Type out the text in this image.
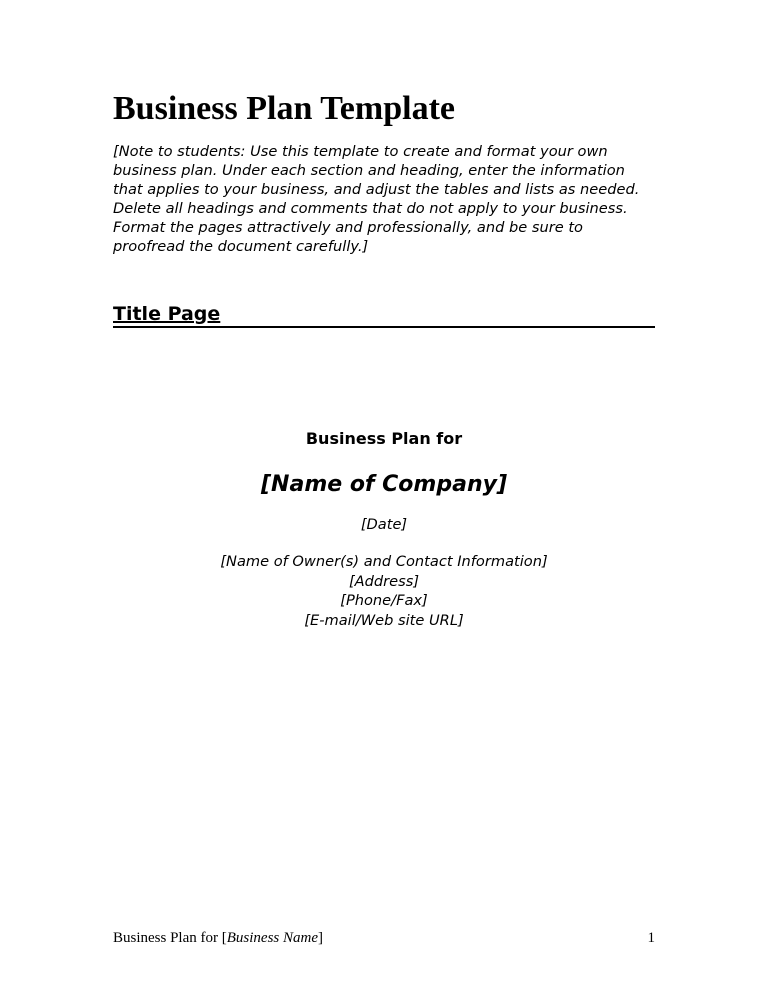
Business Plan Template

[Note to students: Use this template to create and format your own business plan. Under each section and heading, enter the information that applies to your business, and adjust the tables and lists as needed. Delete all headings and comments that do not apply to your business. Format the pages attractively and professionally, and be sure to proofread the document carefully.]

Title Page

Business Plan for

[Name of Company]

[Date]

[Name of Owner(s) and Contact Information]
[Address]
[Phone/Fax]
[E-mail/Web site URL]
Business Plan for [Business Name]	1
